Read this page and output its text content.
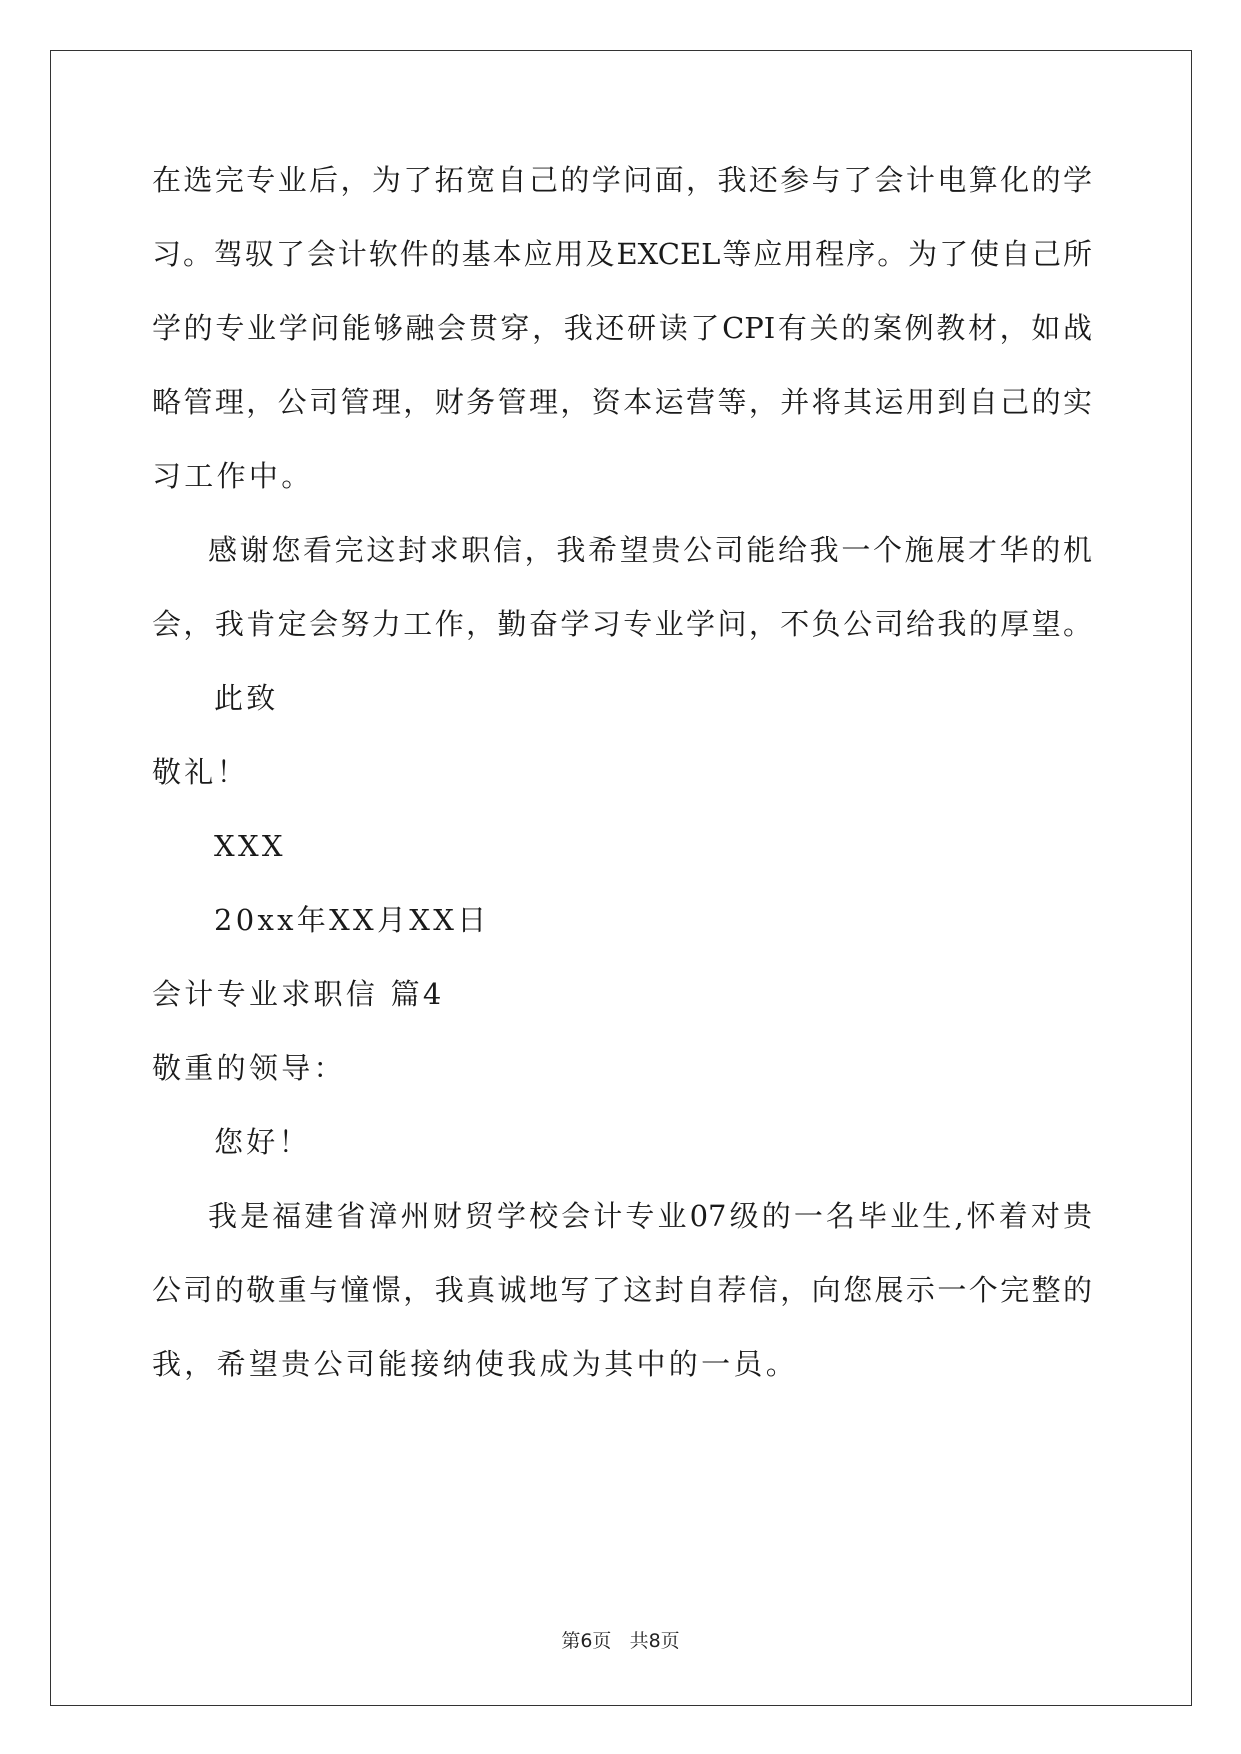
在选完专业后，为了拓宽自己的学问面，我还参与了会计电算化的学
习。驾驭了会计软件的基本应用及EXCEL等应用程序。为了使自己所
学的专业学问能够融会贯穿，我还研读了CPI有关的案例教材，如战
略管理，公司管理，财务管理，资本运营等，并将其运用到自己的实
习工作中。
感谢您看完这封求职信，我希望贵公司能给我一个施展才华的机
会，我肯定会努力工作，勤奋学习专业学问，不负公司给我的厚望。
此致
敬礼！
XXX
20xx年XX月XX日
会计专业求职信 篇4
敬重的领导：
您好！
我是福建省漳州财贸学校会计专业07级的一名毕业生,怀着对贵
公司的敬重与憧憬，我真诚地写了这封自荐信，向您展示一个完整的
我，希望贵公司能接纳使我成为其中的一员。
第6页 共8页
